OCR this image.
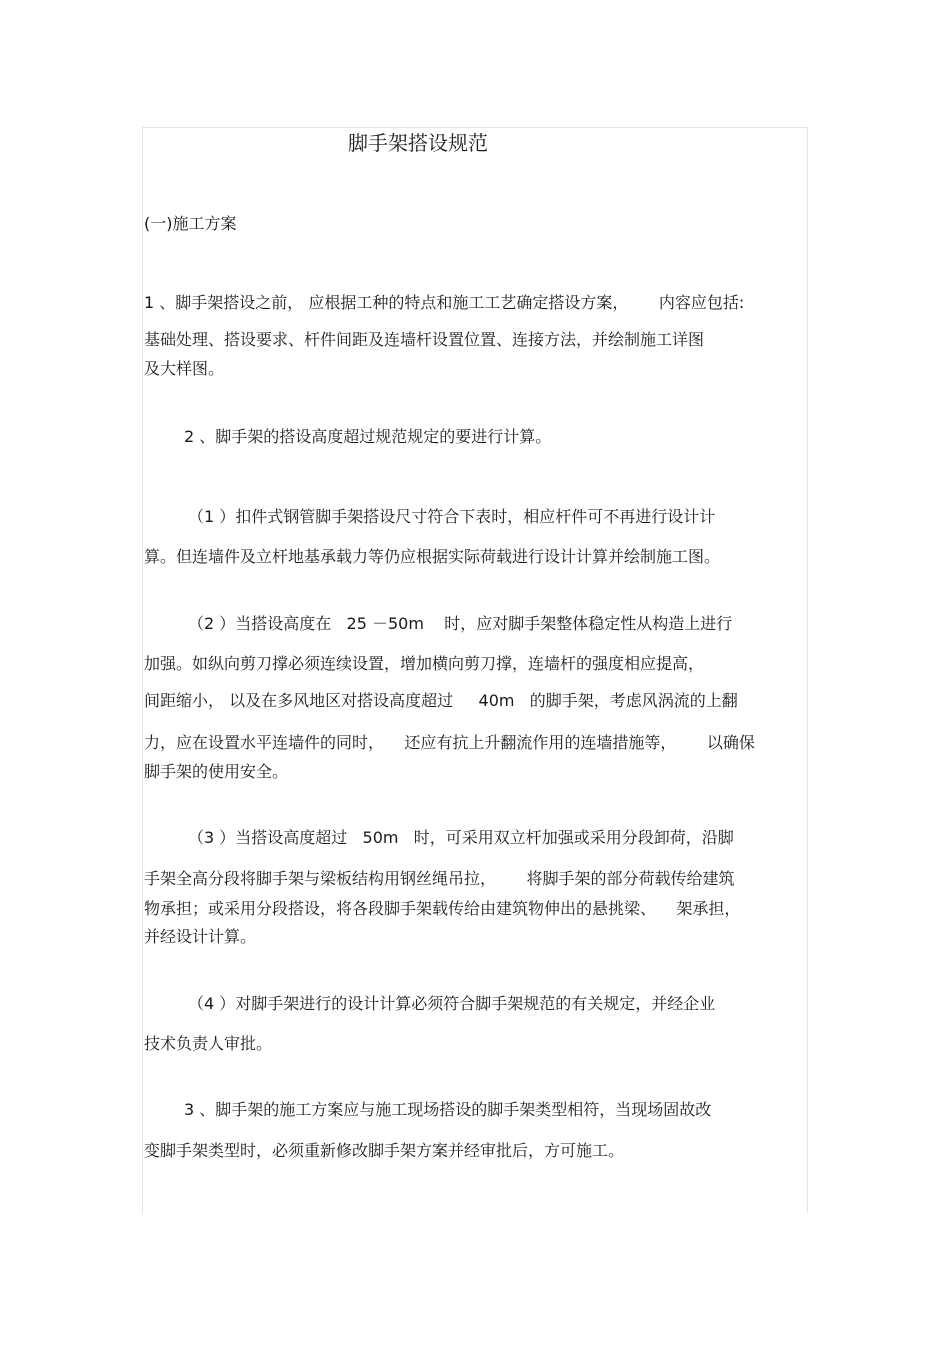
脚手架搭设规范
(一)施工方案
1 、脚手架搭设之前， 应根据工种的特点和施工工艺确定搭设方案，      内容应包括:
基础处理、搭设要求、杆件间距及连墙杆设置位置、连接方法，并绘制施工详图
及大样图。
2 、脚手架的搭设高度超过规范规定的要进行计算。
（1 ）扣件式钢管脚手架搭设尺寸符合下表时，相应杆件可不再进行设计计
算。但连墙件及立杆地基承载力等仍应根据实际荷载进行设计计算并绘制施工图。
（2 ）当搭设高度在   25 －50m    时，应对脚手架整体稳定性从构造上进行
加强。如纵向剪刀撑必须连续设置，增加横向剪刀撑，连墙杆的强度相应提高，
间距缩小， 以及在多风地区对搭设高度超过     40m   的脚手架，考虑风涡流的上翻
力，应在设置水平连墙件的同时，    还应有抗上升翻流作用的连墙措施等，      以确保
脚手架的使用安全。
（3 ）当搭设高度超过   50m   时，可采用双立杆加强或采用分段卸荷，沿脚
手架全高分段将脚手架与梁板结构用钢丝绳吊拉，      将脚手架的部分荷载传给建筑
物承担；或采用分段搭设，将各段脚手架载传给由建筑物伸出的悬挑梁、    架承担，
并经设计计算。
（4 ）对脚手架进行的设计计算必须符合脚手架规范的有关规定，并经企业
技术负责人审批。
3 、脚手架的施工方案应与施工现场搭设的脚手架类型相符，当现场固故改
变脚手架类型时，必须重新修改脚手架方案并经审批后，方可施工。
